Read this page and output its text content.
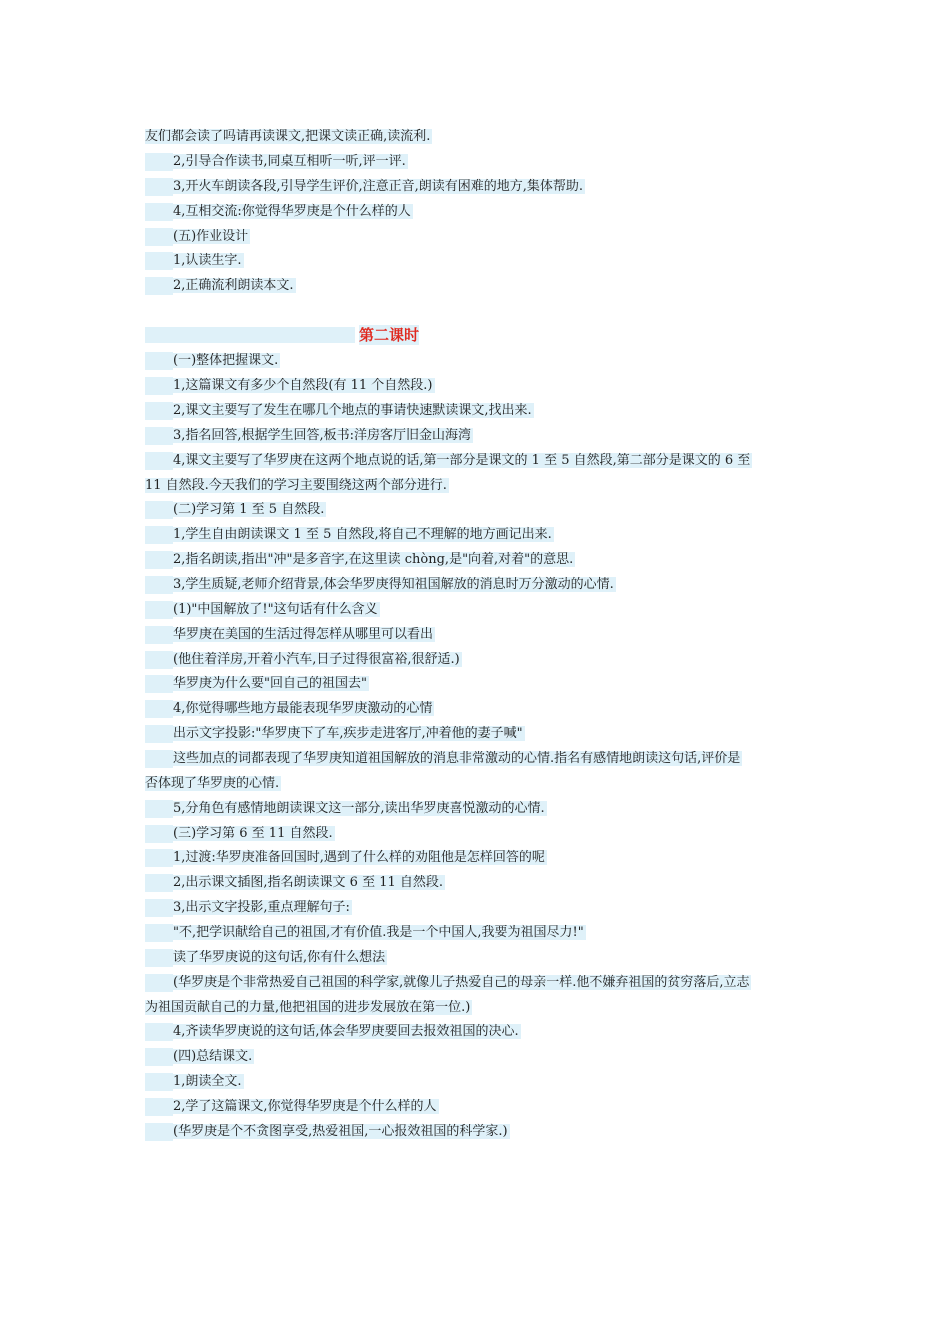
友们都会读了吗请再读课文,把课文读正确,读流利.
2,引导合作读书,同桌互相听一听,评一评.
3,开火车朗读各段,引导学生评价,注意正音,朗读有困难的地方,集体帮助.
4,互相交流:你觉得华罗庚是个什么样的人
(五)作业设计
1,认读生字.
2,正确流利朗读本文.
第二课时
(一)整体把握课文.
1,这篇课文有多少个自然段(有 11 个自然段.)
2,课文主要写了发生在哪几个地点的事请快速默读课文,找出来.
3,指名回答,根据学生回答,板书:洋房客厅旧金山海湾
4,课文主要写了华罗庚在这两个地点说的话,第一部分是课文的 1 至 5 自然段,第二部分是课文的 6 至
11 自然段.今天我们的学习主要围绕这两个部分进行.
(二)学习第 1 至 5 自然段.
1,学生自由朗读课文 1 至 5 自然段,将自己不理解的地方画记出来.
2,指名朗读,指出"冲"是多音字,在这里读 chòng,是"向着,对着"的意思.
3,学生质疑,老师介绍背景,体会华罗庚得知祖国解放的消息时万分激动的心情.
(1)"中国解放了!"这句话有什么含义
华罗庚在美国的生活过得怎样从哪里可以看出
(他住着洋房,开着小汽车,日子过得很富裕,很舒适.)
华罗庚为什么要"回自己的祖国去"
4,你觉得哪些地方最能表现华罗庚激动的心情
出示文字投影:"华罗庚下了车,疾步走进客厅,冲着他的妻子喊"
这些加点的词都表现了华罗庚知道祖国解放的消息非常激动的心情.指名有感情地朗读这句话,评价是
否体现了华罗庚的心情.
5,分角色有感情地朗读课文这一部分,读出华罗庚喜悦激动的心情.
(三)学习第 6 至 11 自然段.
1,过渡:华罗庚准备回国时,遇到了什么样的劝阻他是怎样回答的呢
2,出示课文插图,指名朗读课文 6 至 11 自然段.
3,出示文字投影,重点理解句子:
"不,把学识献给自己的祖国,才有价值.我是一个中国人,我要为祖国尽力!"
读了华罗庚说的这句话,你有什么想法
(华罗庚是个非常热爱自己祖国的科学家,就像儿子热爱自己的母亲一样.他不嫌弃祖国的贫穷落后,立志
为祖国贡献自己的力量,他把祖国的进步发展放在第一位.)
4,齐读华罗庚说的这句话,体会华罗庚要回去报效祖国的决心.
(四)总结课文.
1,朗读全文.
2,学了这篇课文,你觉得华罗庚是个什么样的人
(华罗庚是个不贪图享受,热爱祖国,一心报效祖国的科学家.)
